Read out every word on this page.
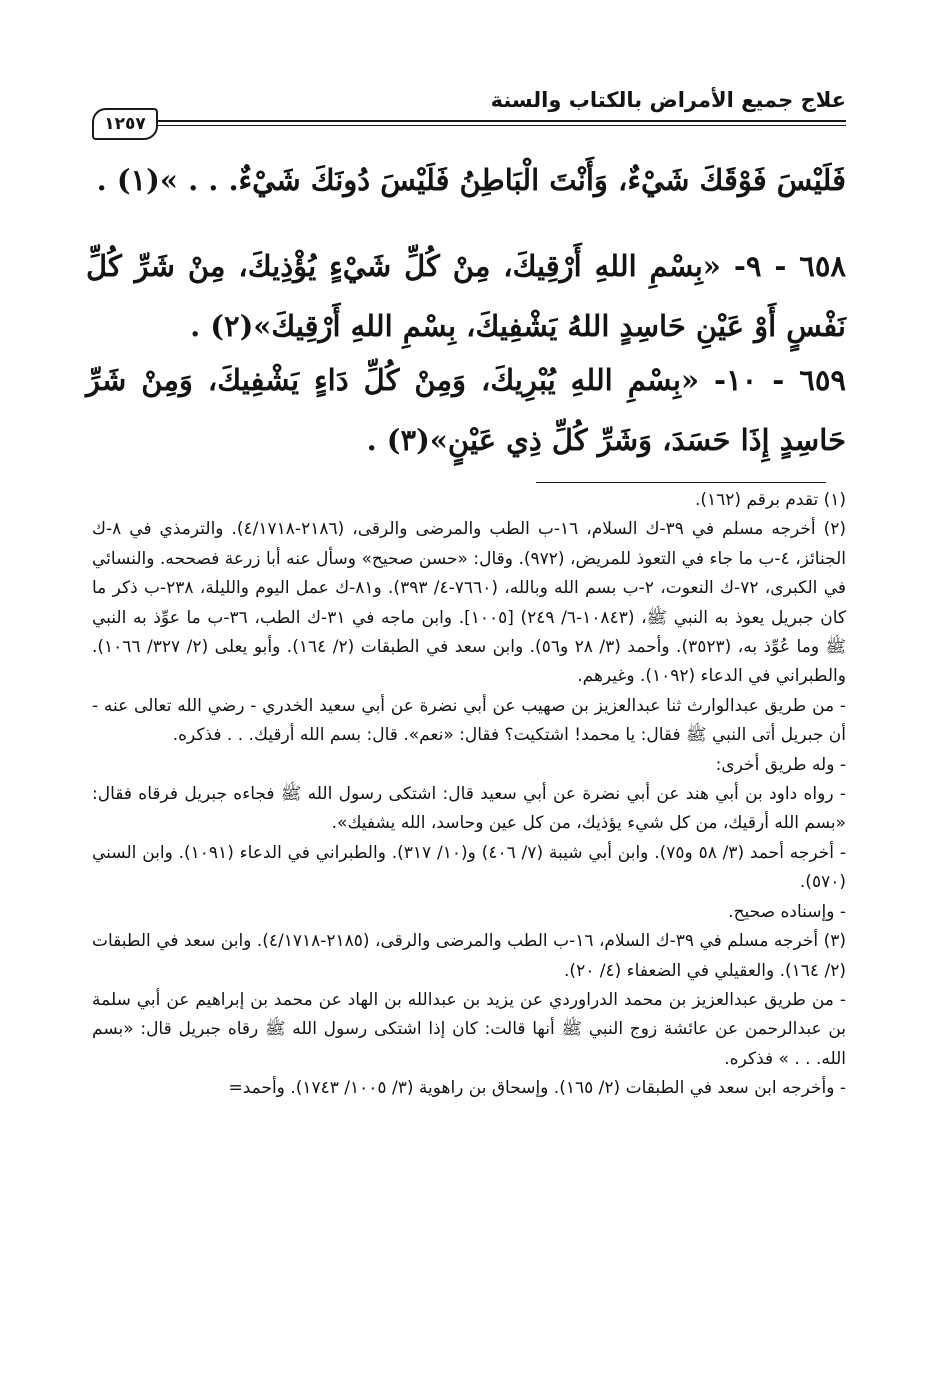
علاج جميع الأمراض بالكتاب والسنة
١٢٥٧

فَلَيْسَ فَوْقَكَ شَيْءٌ، وَأَنْتَ الْبَاطِنُ فَلَيْسَ دُونَكَ شَيْءٌ. . . »(١) .

٦٥٨ - ٩- «بِسْمِ اللهِ أَرْقِيكَ، مِنْ كُلِّ شَيْءٍ يُؤْذِيكَ، مِنْ شَرِّ كُلِّ نَفْسٍ أَوْ عَيْنِ حَاسِدٍ اللهُ يَشْفِيكَ، بِسْمِ اللهِ أَرْقِيكَ»(٢) .

٦٥٩ - ١٠- «بِسْمِ اللهِ يُبْرِيكَ، وَمِنْ كُلِّ دَاءٍ يَشْفِيكَ، وَمِنْ شَرِّ حَاسِدٍ إِذَا حَسَدَ، وَشَرِّ كُلِّ ذِي عَيْنٍ»(٣) .

(١) تقدم برقم (١٦٢).

(٢) أخرجه مسلم في ٣٩-ك السلام، ١٦-ب الطب والمرضى والرقى، (٢١٨٦-٤/١٧١٨). والترمذي في ٨-ك الجنائز، ٤-ب ما جاء في التعوذ للمريض، (٩٧٢). وقال: «حسن صحيح» وسأل عنه أبا زرعة فصححه. والنسائي في الكبرى، ٧٢-ك النعوت، ٢-ب بسم الله وبالله، (٧٦٦٠-٤/ ٣٩٣). و٨١-ك عمل اليوم والليلة، ٢٣٨-ب ذكر ما كان جبريل يعوذ به النبي ﷺ، (١٠٨٤٣-٦/ ٢٤٩) [١٠٠٥]. وابن ماجه في ٣١-ك الطب، ٣٦-ب ما عوِّذ به النبي ﷺ وما عُوِّذ به، (٣٥٢٣). وأحمد (٣/ ٢٨ و٥٦). وابن سعد في الطبقات (٢/ ١٦٤). وأبو يعلى (٢/ ٣٢٧/ ١٠٦٦). والطبراني في الدعاء (١٠٩٢). وغيرهم.

- من طريق عبدالوارث ثنا عبدالعزيز بن صهيب عن أبي نضرة عن أبي سعيد الخدري - رضي الله تعالى عنه - أن جبريل أتى النبي ﷺ فقال: يا محمد! اشتكيت؟ فقال: «نعم». قال: بسم الله أرقيك. . . فذكره.

- وله طريق أخرى:

- رواه داود بن أبي هند عن أبي نضرة عن أبي سعيد قال: اشتكى رسول الله ﷺ فجاءه جبريل فرقاه فقال: «بسم الله أرقيك، من كل شيء يؤذيك، من كل عين وحاسد، الله يشفيك».

- أخرجه أحمد (٣/ ٥٨ و٧٥). وابن أبي شيبة (٧/ ٤٠٦) و(١٠/ ٣١٧). والطبراني في الدعاء (١٠٩١). وابن السني (٥٧٠).

- وإسناده صحيح.

(٣) أخرجه مسلم في ٣٩-ك السلام، ١٦-ب الطب والمرضى والرقى، (٢١٨٥-٤/١٧١٨). وابن سعد في الطبقات (٢/ ١٦٤). والعقيلي في الضعفاء (٤/ ٢٠).

- من طريق عبدالعزيز بن محمد الدراوردي عن يزيد بن عبدالله بن الهاد عن محمد بن إبراهيم عن أبي سلمة بن عبدالرحمن عن عائشة زوج النبي ﷺ أنها قالت: كان إذا اشتكى رسول الله ﷺ رقاه جبريل قال: «بسم الله. . . » فذكره.

- وأخرجه ابن سعد في الطبقات (٢/ ١٦٥). وإسحاق بن راهوية (٣/ ١٠٠٥/ ١٧٤٣). وأحمد=
